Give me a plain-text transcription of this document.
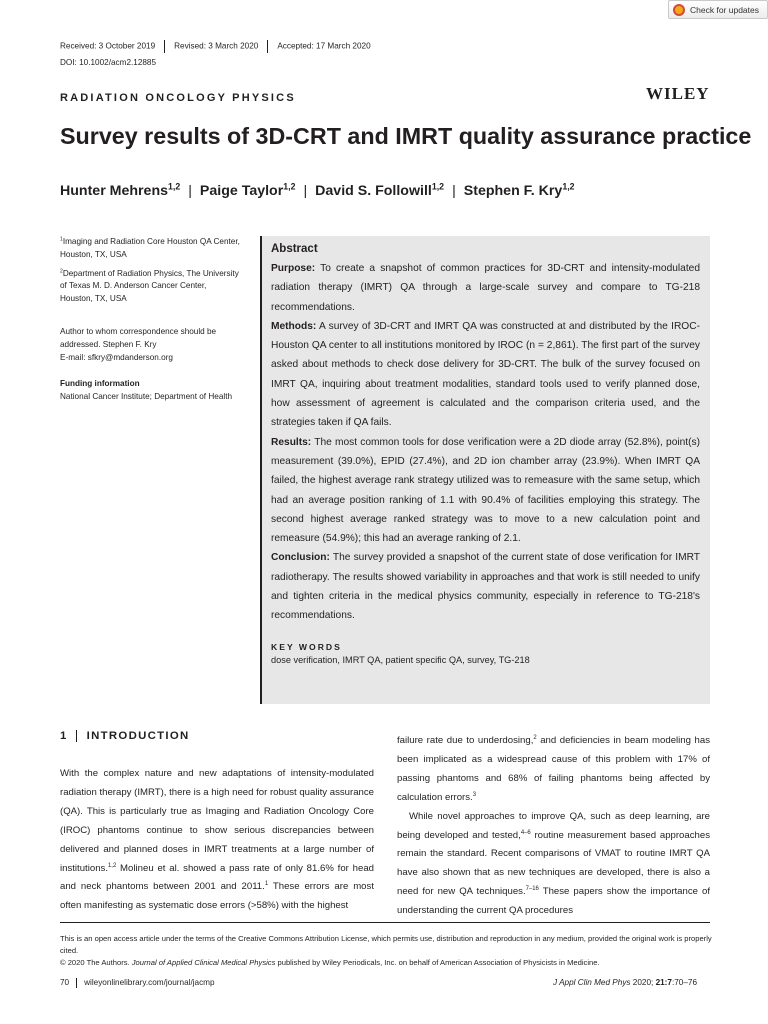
Received: 3 October 2019 Revised: 3 March 2020 Accepted: 17 March 2020
DOI: 10.1002/acm2.12885
Check for updates
RADIATION ONCOLOGY PHYSICS	WILEY
Survey results of 3D-CRT and IMRT quality assurance practice
Hunter Mehrens$^{1,2}$ | Paige Taylor$^{1,2}$ | David S. Followill$^{1,2}$ | Stephen F. Kry$^{1,2}$

$^1$Imaging and Radiation Core Houston QA Center, Houston, TX, USA

$^2$Department of Radiation Physics, The University of Texas M. D. Anderson Cancer Center, Houston, TX, USA

Author to whom correspondence should be addressed. Stephen F. Kry
E-mail: sfkry@mdanderson.org

Funding information

National Cancer Institute; Department of Health

Abstract

Purpose: To create a snapshot of common practices for 3D-CRT and intensity-modulated radiation therapy (IMRT) QA through a large-scale survey and compare to TG-218 recommendations.

Methods: A survey of 3D-CRT and IMRT QA was constructed at and distributed by the IROC-Houston QA center to all institutions monitored by IROC (n = 2,861). The first part of the survey asked about methods to check dose delivery for 3D-CRT. The bulk of the survey focused on IMRT QA, inquiring about treatment modalities, standard tools used to verify planned dose, how assessment of agreement is calculated and the comparison criteria used, and the strategies taken if QA fails.

Results: The most common tools for dose verification were a 2D diode array (52.8%), point(s) measurement (39.0%), EPID (27.4%), and 2D ion chamber array (23.9%). When IMRT QA failed, the highest average rank strategy utilized was to remeasure with the same setup, which had an average position ranking of 1.1 with 90.4% of facilities employing this strategy. The second highest average ranked strategy was to move to a new calculation point and remeasure (54.9%); this had an average ranking of 2.1.

Conclusion: The survey provided a snapshot of the current state of dose verification for IMRT radiotherapy. The results showed variability in approaches and that work is still needed to unify and tighten criteria in the medical physics community, especially in reference to TG-218's recommendations.

KEY WORDS
dose verification, IMRT QA, patient specific QA, survey, TG-218
1 INTRODUCTION

With the complex nature and new adaptations of intensity-modulated radiation therapy (IMRT), there is a high need for robust quality assurance (QA). This is particularly true as Imaging and Radiation Oncology Core (IROC) phantoms continue to show serious discrepancies between delivered and planned doses in IMRT treatments at a large number of institutions.$^{1,2}$ Molineu et al. showed a pass rate of only 81.6% for head and neck phantoms between 2001 and 2011.$^1$ These errors are most often manifesting as systematic dose errors (>58%) with the highest

failure rate due to underdosing,$^2$ and deficiencies in beam modeling has been implicated as a widespread cause of this problem with 17% of passing phantoms and 68% of failing phantoms being affected by calculation errors.$^3$

While novel approaches to improve QA, such as deep learning, are being developed and tested,$^{4-6}$ routine measurement based approaches remain the standard. Recent comparisons of VMAT to routine IMRT QA have also shown that as new techniques are developed, there is also a need for new QA techniques.$^{7-16}$ These papers show the importance of understanding the current QA procedures

This is an open access article under the terms of the Creative Commons Attribution License, which permits use, distribution and reproduction in any medium, provided the original work is properly cited.

© 2020 The Authors. Journal of Applied Clinical Medical Physics published by Wiley Periodicals, Inc. on behalf of American Association of Physicists in Medicine.

70 wileyonlinelibrary.com/journal/jacmp	J Appl Clin Med Phys 2020; 21:7:70–76
